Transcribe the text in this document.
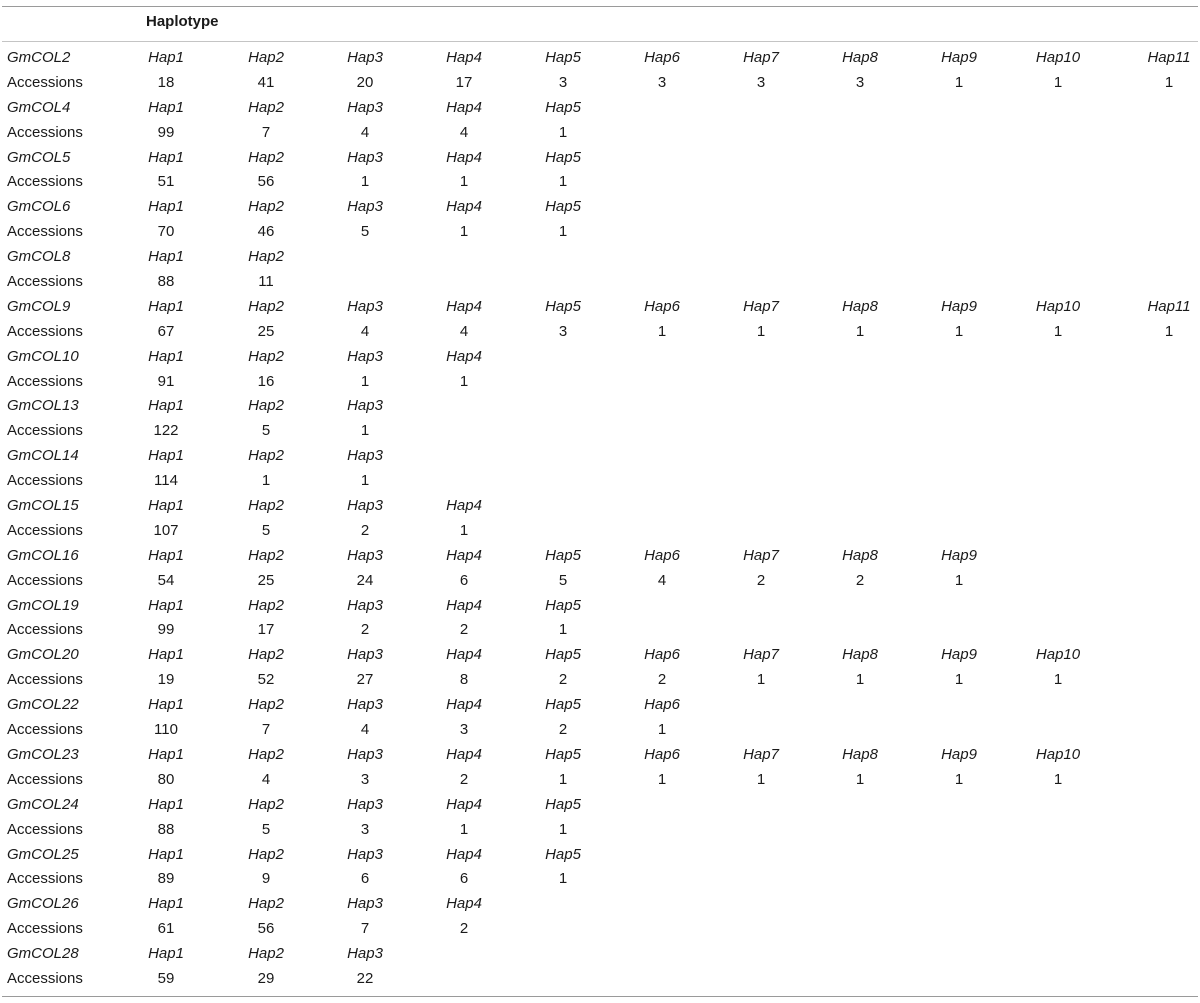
Haplotype
GmCOL2	Hap1	Hap2	Hap3	Hap4	Hap5	Hap6	Hap7	Hap8	Hap9	Hap10	Hap11
Accessions	18	41	20	17	3	3	3	3	1	1	1
GmCOL4	Hap1	Hap2	Hap3	Hap4	Hap5
Accessions	99	7	4	4	1
GmCOL5	Hap1	Hap2	Hap3	Hap4	Hap5
Accessions	51	56	1	1	1
GmCOL6	Hap1	Hap2	Hap3	Hap4	Hap5
Accessions	70	46	5	1	1
GmCOL8	Hap1	Hap2
Accessions	88	11
GmCOL9	Hap1	Hap2	Hap3	Hap4	Hap5	Hap6	Hap7	Hap8	Hap9	Hap10	Hap11
Accessions	67	25	4	4	3	1	1	1	1	1	1
GmCOL10	Hap1	Hap2	Hap3	Hap4
Accessions	91	16	1	1
GmCOL13	Hap1	Hap2	Hap3
Accessions	122	5	1
GmCOL14	Hap1	Hap2	Hap3
Accessions	114	1	1
GmCOL15	Hap1	Hap2	Hap3	Hap4
Accessions	107	5	2	1
GmCOL16	Hap1	Hap2	Hap3	Hap4	Hap5	Hap6	Hap7	Hap8	Hap9
Accessions	54	25	24	6	5	4	2	2	1
GmCOL19	Hap1	Hap2	Hap3	Hap4	Hap5
Accessions	99	17	2	2	1
GmCOL20	Hap1	Hap2	Hap3	Hap4	Hap5	Hap6	Hap7	Hap8	Hap9	Hap10
Accessions	19	52	27	8	2	2	1	1	1	1
GmCOL22	Hap1	Hap2	Hap3	Hap4	Hap5	Hap6
Accessions	110	7	4	3	2	1
GmCOL23	Hap1	Hap2	Hap3	Hap4	Hap5	Hap6	Hap7	Hap8	Hap9	Hap10
Accessions	80	4	3	2	1	1	1	1	1	1
GmCOL24	Hap1	Hap2	Hap3	Hap4	Hap5
Accessions	88	5	3	1	1
GmCOL25	Hap1	Hap2	Hap3	Hap4	Hap5
Accessions	89	9	6	6	1
GmCOL26	Hap1	Hap2	Hap3	Hap4
Accessions	61	56	7	2
GmCOL28	Hap1	Hap2	Hap3
Accessions	59	29	22
